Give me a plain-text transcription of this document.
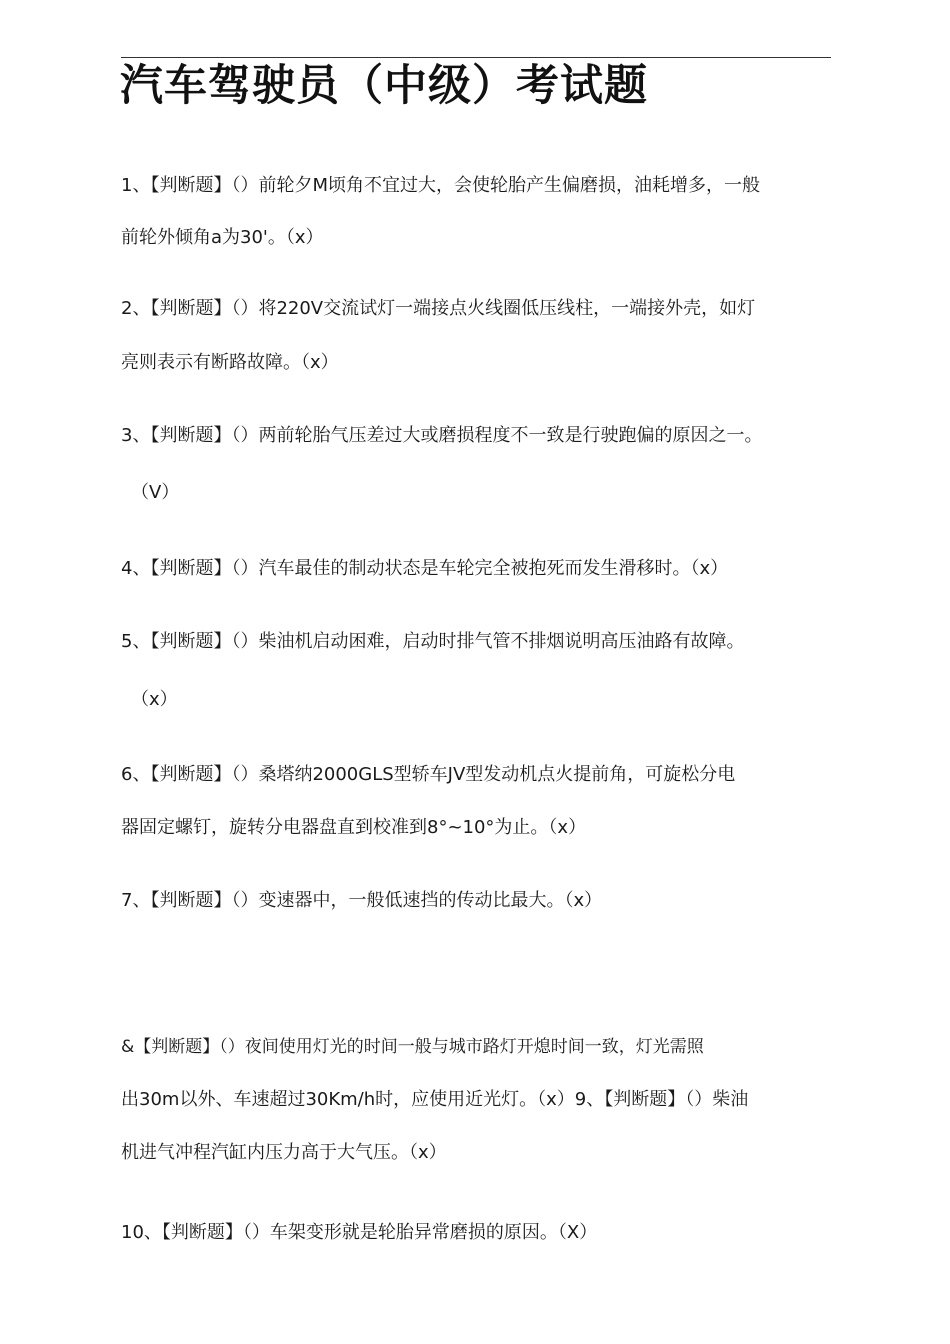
汽车驾驶员（中级）考试题

1、【判断题】（）前轮夕M顷角不宜过大，会使轮胎产生偏磨损，油耗增多，一般

前轮外倾角a为30'。（x）

2、【判断题】（）将220V交流试灯一端接点火线圈低压线柱，一端接外壳，如灯

亮则表示有断路故障。（x）

3、【判断题】（）两前轮胎气压差过大或磨损程度不一致是行驶跑偏的原因之一。

（V）

4、【判断题】（）汽车最佳的制动状态是车轮完全被抱死而发生滑移时。（x）

5、【判断题】（）柴油机启动困难，启动时排气管不排烟说明高压油路有故障。

（x）

6、【判断题】（）桑塔纳2000GLS型轿车JV型发动机点火提前角，可旋松分电

器固定螺钉，旋转分电器盘直到校准到8°~10°为止。（x）

7、【判断题】（）变速器中，一般低速挡的传动比最大。（x）

&【判断题】（）夜间使用灯光的时间一般与城市路灯开熄时间一致，灯光需照

出30m以外、车速超过30Km/h时，应使用近光灯。（x）9、【判断题】（）柴油

机进气冲程汽缸内压力高于大气压。（x）

10、【判断题】（）车架变形就是轮胎异常磨损的原因。（X）
